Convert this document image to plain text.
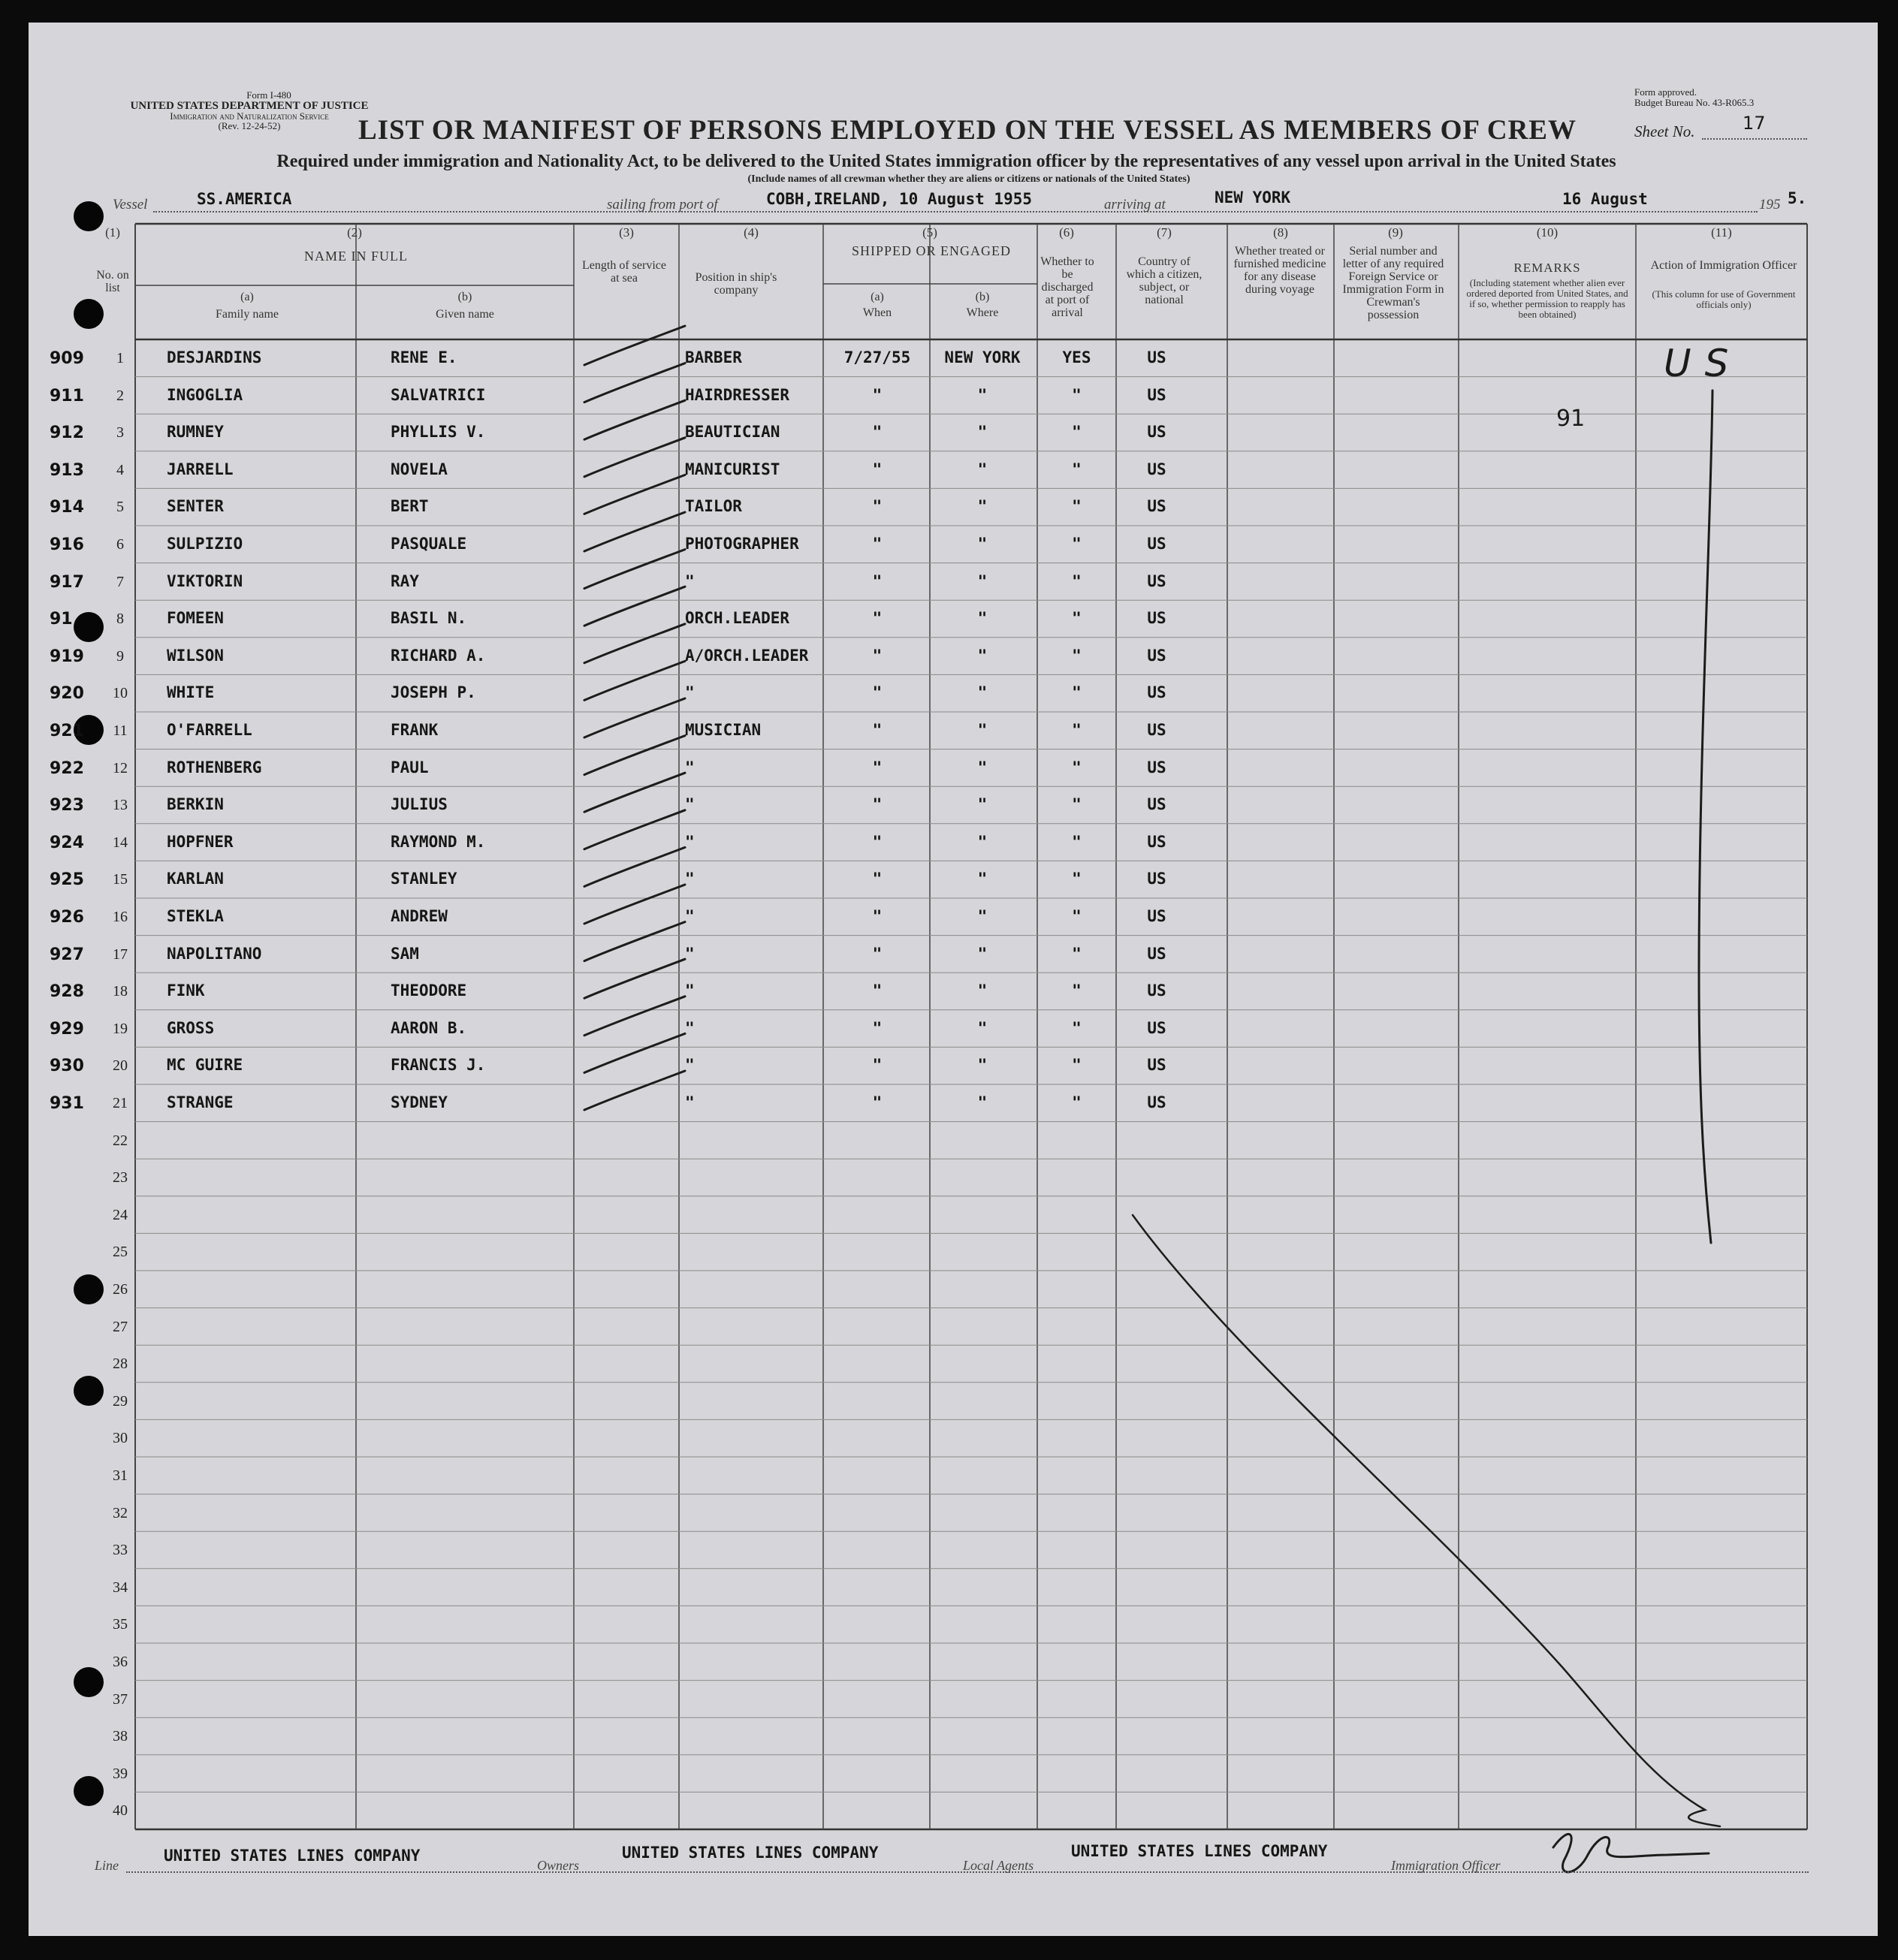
Form I-480
UNITED STATES DEPARTMENT OF JUSTICE
Immigration and Naturalization Service
(Rev. 12-24-52)
Form approved.
Budget Bureau No. 43-R065.3
LIST OR MANIFEST OF PERSONS EMPLOYED ON THE VESSEL AS MEMBERS OF CREW	Sheet No.	17
Required under immigration and Nationality Act, to be delivered to the United States immigration officer by the representatives of any vessel upon arrival in the United States
(Include names of all crewman whether they are aliens or citizens or nationals of the United States)
Vessel	SS.AMERICA	sailing from port of	COBH,IRELAND, 10 August 1955	arriving at	NEW YORK	16 August	195 5.
(1)	(2)	(3)	(4)	(5)	(6)	(7)	(8)	(9)	(10)	(11)
No. on list
NAME IN FULL
(a)
Family name
(b)
Given name
Length of service at sea	Position in ship's company
SHIPPED OR ENGAGED
(a)
When
(b)
Where
Whether to be discharged at port of arrival
Country of which a citizen, subject, or national
Whether treated or furnished medicine for any disease during voyage
Serial number and letter of any required Foreign Service or Immigration Form in Crewman's possession
REMARKS
(Including statement whether alien ever ordered deported from United States, and if so, whether permission to reapply has been obtained)
Action of Immigration Officer
(This column for use of Government officials only)
909	1	DESJARDINS	RENE E.	BARBER	7/27/55	NEW YORK	YES	US
911	2	INGOGLIA	SALVATRICI	HAIRDRESSER	"	"	"	US
912	3	RUMNEY	PHYLLIS V.	BEAUTICIAN	"	"	"	US
913	4	JARRELL	NOVELA	MANICURIST	"	"	"	US
914	5	SENTER	BERT	TAILOR	"	"	"	US
916	6	SULPIZIO	PASQUALE	PHOTOGRAPHER	"	"	"	US
917	7	VIKTORIN	RAY	"	"	"	"	US
91	8	FOMEEN	BASIL N.	ORCH.LEADER	"	"	"	US
919	9	WILSON	RICHARD A.	A/ORCH.LEADER	"	"	"	US
920	10	WHITE	JOSEPH P.	"	"	"	"	US
921	11	O'FARRELL	FRANK	MUSICIAN	"	"	"	US
922	12	ROTHENBERG	PAUL	"	"	"	"	US
923	13	BERKIN	JULIUS	"	"	"	"	US
924	14	HOPFNER	RAYMOND M.	"	"	"	"	US
925	15	KARLAN	STANLEY	"	"	"	"	US
926	16	STEKLA	ANDREW	"	"	"	"	US
927	17	NAPOLITANO	SAM	"	"	"	"	US
928	18	FINK	THEODORE	"	"	"	"	US
929	19	GROSS	AARON B.	"	"	"	"	US
930	20	MC GUIRE	FRANCIS J.	"	"	"	"	US
931	21	STRANGE	SYDNEY	"	"	"	"	US
22
23
24
25
26
27
28
29
30
31
32
33
34
35
36
37
38
39
40
91
US
Line
UNITED STATES LINES COMPANY
Owners
UNITED STATES LINES COMPANY
Local Agents
UNITED STATES LINES COMPANY
Immigration Officer
